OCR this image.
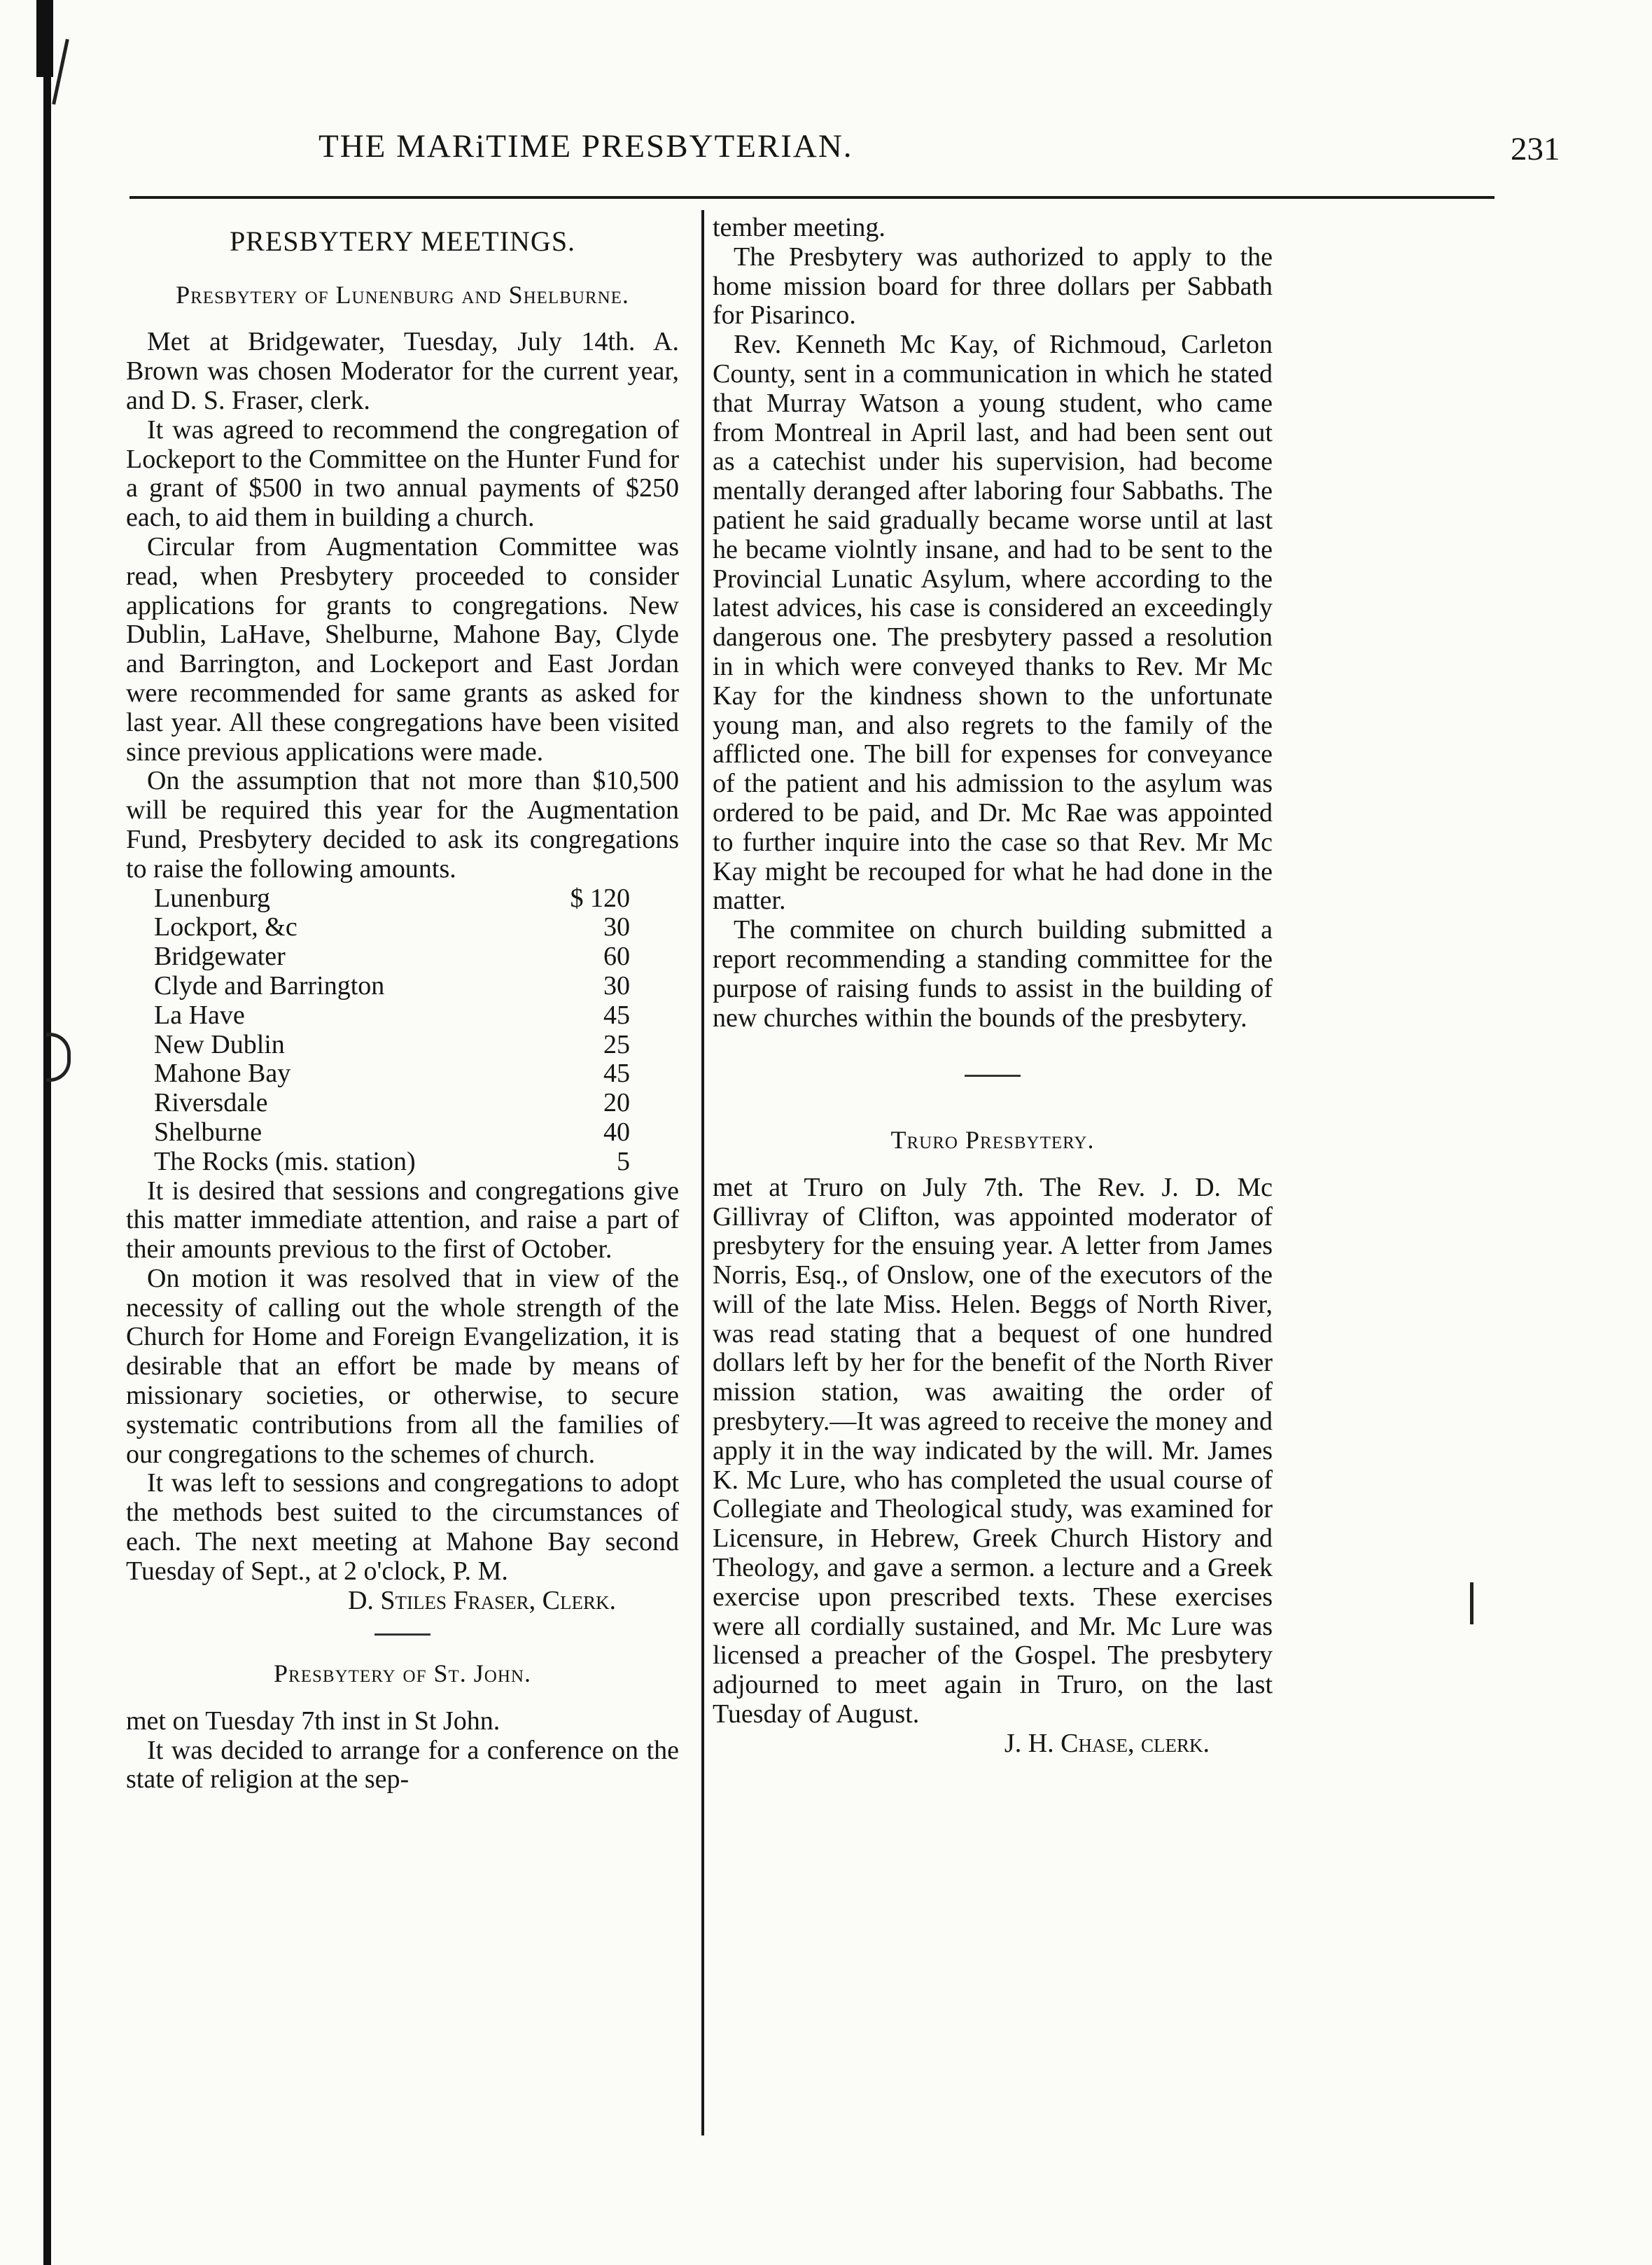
THE MARiTIME PRESBYTERIAN.	231
PRESBYTERY MEETINGS.
Presbytery of Lunenburg and Shelburne.

Met at Bridgewater, Tuesday, July 14th. A. Brown was chosen Moderator for the current year, and D. S. Fraser, clerk.

It was agreed to recommend the congregation of Lockeport to the Committee on the Hunter Fund for a grant of $500 in two annual payments of $250 each, to aid them in building a church.

Circular from Augmentation Committee was read, when Presbytery proceeded to consider applications for grants to congregations. New Dublin, LaHave, Shelburne, Mahone Bay, Clyde and Barrington, and Lockeport and East Jordan were recommended for same grants as asked for last year. All these congregations have been visited since previous applications were made.

On the assumption that not more than $10,500 will be required this year for the Augmentation Fund, Presbytery decided to ask its congregations to raise the following amounts.

Lunenburg	$ 120
Lockport, &c	30
Bridgewater	60
Clyde and Barrington	30
La Have	45
New Dublin	25
Mahone Bay	45
Riversdale	20
Shelburne	40
The Rocks (mis. station)	5

It is desired that sessions and congregations give this matter immediate attention, and raise a part of their amounts previous to the first of October.

On motion it was resolved that in view of the necessity of calling out the whole strength of the Church for Home and Foreign Evangelization, it is desirable that an effort be made by means of missionary societies, or otherwise, to secure systematic contributions from all the families of our congregations to the schemes of church.

It was left to sessions and congregations to adopt the methods best suited to the circumstances of each. The next meeting at Mahone Bay second Tuesday of Sept., at 2 o'clock, P. M.

D. Stiles Fraser, Clerk.

Presbytery of St. John.

met on Tuesday 7th inst in St John.

It was decided to arrange for a conference on the state of religion at the sep-

tember meeting.

The Presbytery was authorized to apply to the home mission board for three dollars per Sabbath for Pisarinco.

Rev. Kenneth Mc Kay, of Richmoud, Carleton County, sent in a communication in which he stated that Murray Watson a young student, who came from Montreal in April last, and had been sent out as a catechist under his supervision, had become mentally deranged after laboring four Sabbaths. The patient he said gradually became worse until at last he became violntly insane, and had to be sent to the Provincial Lunatic Asylum, where according to the latest advices, his case is considered an exceedingly dangerous one. The presbytery passed a resolution in in which were conveyed thanks to Rev. Mr Mc Kay for the kindness shown to the unfortunate young man, and also regrets to the family of the afflicted one. The bill for expenses for conveyance of the patient and his admission to the asylum was ordered to be paid, and Dr. Mc Rae was appointed to further inquire into the case so that Rev. Mr Mc Kay might be recouped for what he had done in the matter.

The commitee on church building submitted a report recommending a standing committee for the purpose of raising funds to assist in the building of new churches within the bounds of the presbytery.

Truro Presbytery.

met at Truro on July 7th. The Rev. J. D. Mc Gillivray of Clifton, was appointed moderator of presbytery for the ensuing year. A letter from James Norris, Esq., of Onslow, one of the executors of the will of the late Miss. Helen. Beggs of North River, was read stating that a bequest of one hundred dollars left by her for the benefit of the North River mission station, was awaiting the order of presbytery.—It was agreed to receive the money and apply it in the way indicated by the will. Mr. James K. Mc Lure, who has completed the usual course of Collegiate and Theological study, was examined for Licensure, in Hebrew, Greek Church History and Theology, and gave a sermon. a lecture and a Greek exercise upon prescribed texts. These exercises were all cordially sustained, and Mr. Mc Lure was licensed a preacher of the Gospel. The presbytery adjourned to meet again in Truro, on the last Tuesday of August.

J. H. Chase, clerk.
